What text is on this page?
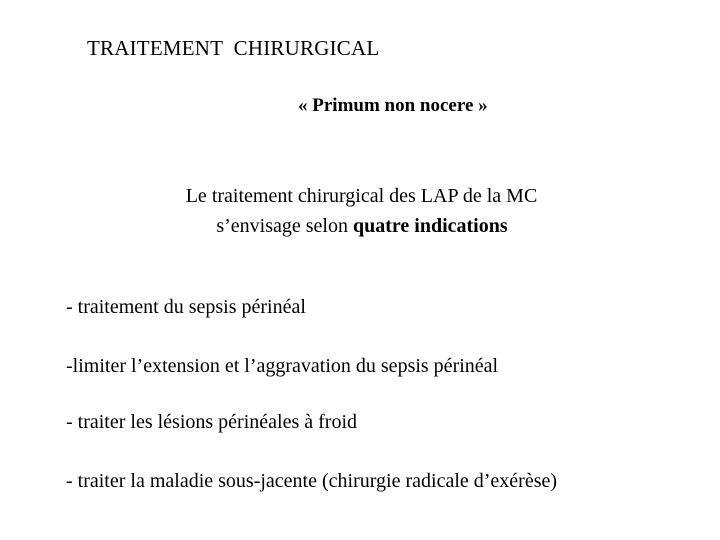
TRAITEMENT  CHIRURGICAL
« Primum non nocere »
Le traitement chirurgical des LAP de la MC
s’envisage selon quatre indications
- traitement du sepsis périnéal
-limiter l’extension et l’aggravation du sepsis périnéal
- traiter les lésions périnéales à froid
- traiter la maladie sous-jacente (chirurgie radicale d’exérèse)
